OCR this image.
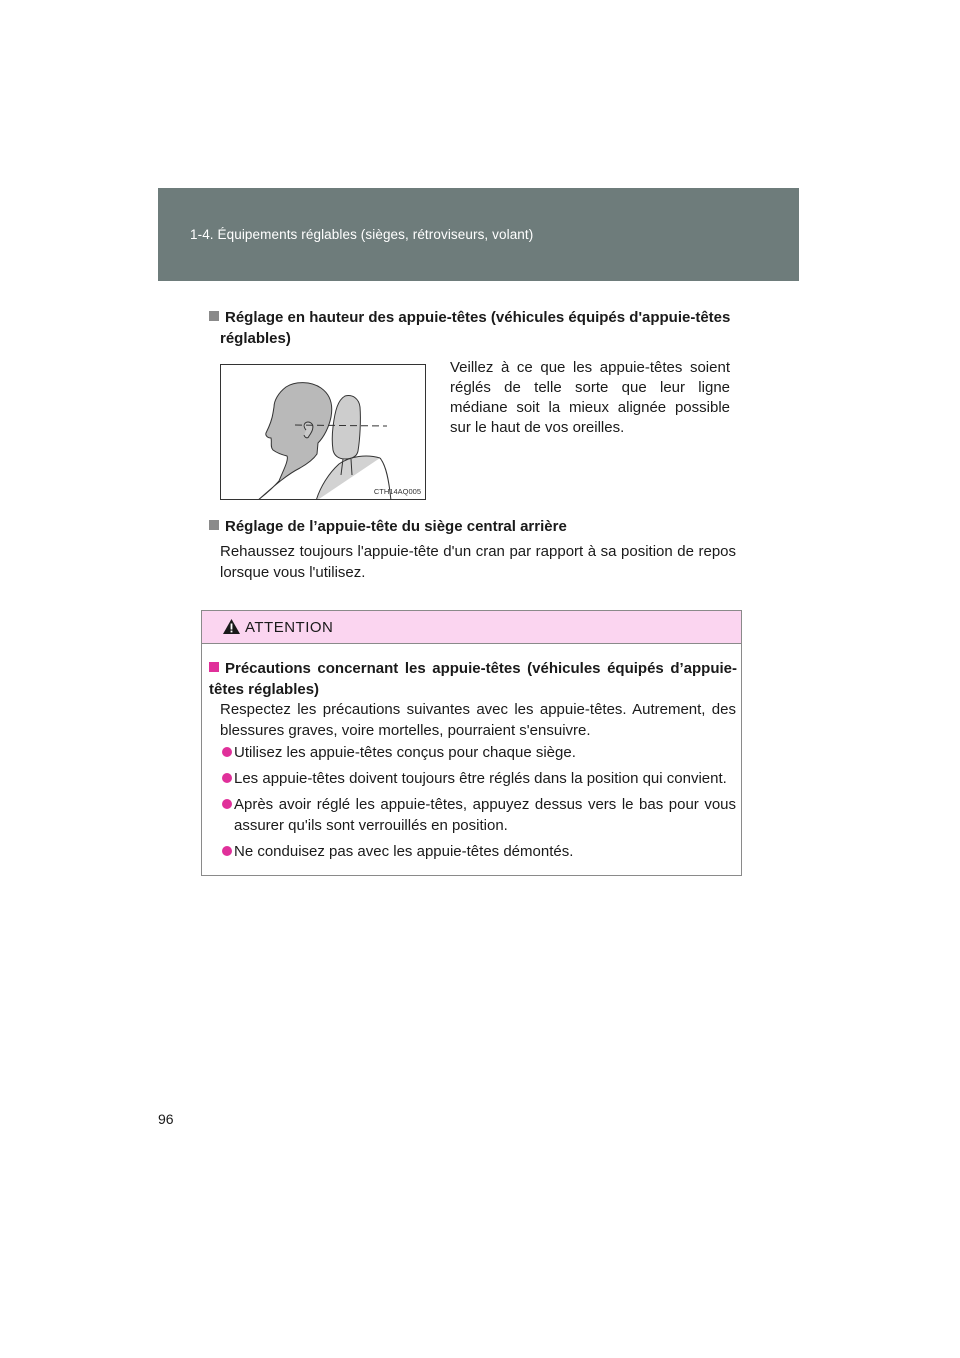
1-4. Équipements réglables (sièges, rétroviseurs, volant)
Réglage en hauteur des appuie-têtes (véhicules équipés d'appuie-têtes
réglables)
CTH14AQ005
Veillez à ce que les appuie-têtes soient réglés de telle sorte que leur ligne médiane soit la mieux alignée possible sur le haut de vos oreilles.
Réglage de l’appuie-tête du siège central arrière
Rehaussez toujours l'appuie-tête d'un cran par rapport à sa position de repos lorsque vous l'utilisez.
ATTENTION
Précautions concernant les appuie-têtes (véhicules équipés d’appuie-têtes réglables)
Respectez les précautions suivantes avec les appuie-têtes. Autrement, des blessures graves, voire mortelles, pourraient s'ensuivre.
Utilisez les appuie-têtes conçus pour chaque siège.
Les appuie-têtes doivent toujours être réglés dans la position qui convient.
Après avoir réglé les appuie-têtes, appuyez dessus vers le bas pour vous assurer qu'ils sont verrouillés en position.
Ne conduisez pas avec les appuie-têtes démontés.
96
